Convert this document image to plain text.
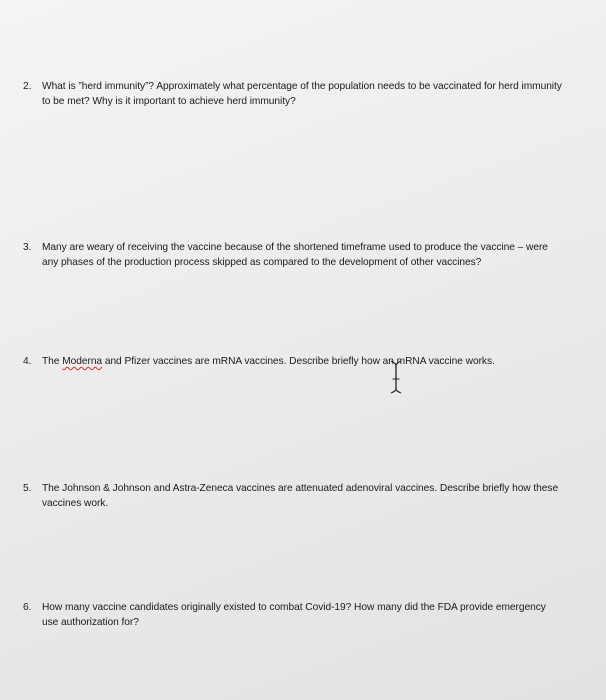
2. What is ”herd immunity”? Approximately what percentage of the population needs to be vaccinated for herd immunity to be met? Why is it important to achieve herd immunity?
3. Many are weary of receiving the vaccine because of the shortened timeframe used to produce the vaccine – were any phases of the production process skipped as compared to the development of other vaccines?
4. The Moderna and Pfizer vaccines are mRNA vaccines. Describe briefly how an mRNA vaccine works.
5. The Johnson & Johnson and Astra-Zeneca vaccines are attenuated adenoviral vaccines. Describe briefly how these vaccines work.
6. How many vaccine candidates originally existed to combat Covid-19? How many did the FDA provide emergency use authorization for?
